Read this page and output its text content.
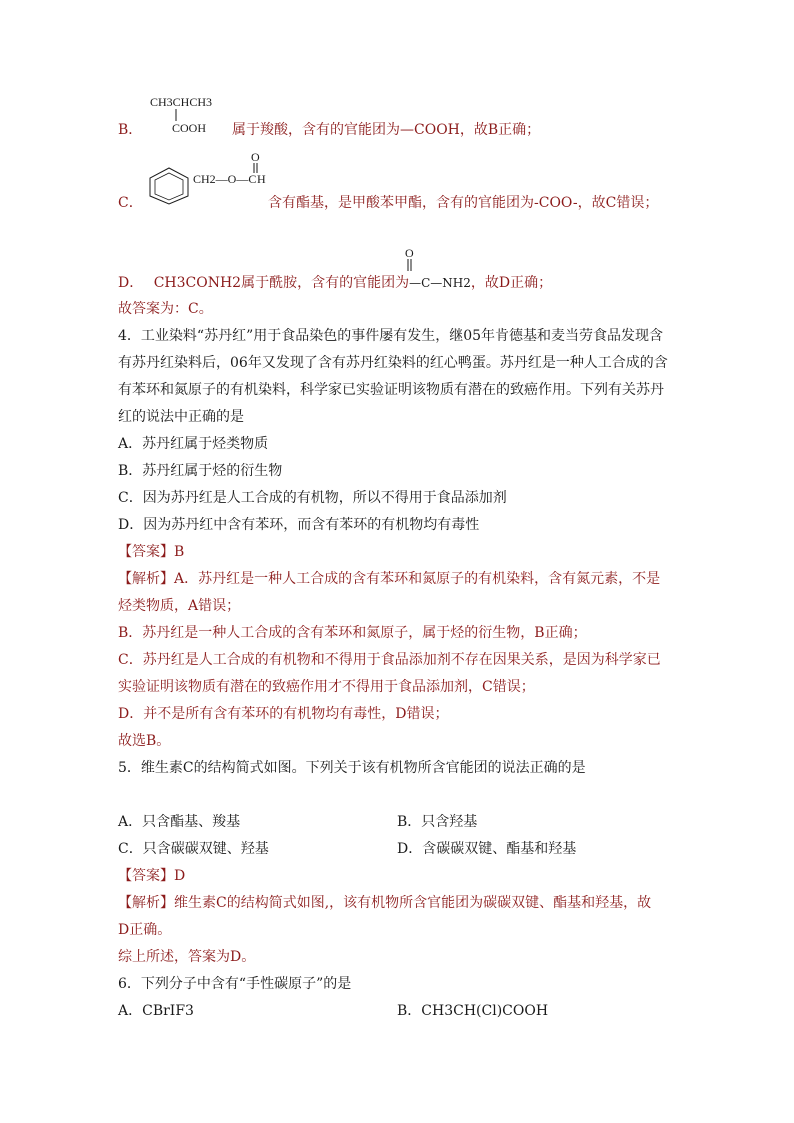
CH3CHCH3
B． COOH 属于羧酸，含有的官能团为—COOH，故B正确；
O
CH2—O—C H
C．	含有酯基，是甲酸苯甲酯，含有的官能团为-COO-，故C错误；
O
D． CH3CONH2属于酰胺，含有的官能团为—C—NH2，故D正确；
故答案为：C。
4．工业染料“苏丹红”用于食品染色的事件屡有发生，继05年肯德基和麦当劳食品发现含
有苏丹红染料后，06年又发现了含有苏丹红染料的红心鸭蛋。苏丹红是一种人工合成的含
有苯环和氮原子的有机染料，科学家已实验证明该物质有潜在的致癌作用。下列有关苏丹
红的说法中正确的是
A．苏丹红属于烃类物质
B．苏丹红属于烃的衍生物
C．因为苏丹红是人工合成的有机物，所以不得用于食品添加剂
D．因为苏丹红中含有苯环，而含有苯环的有机物均有毒性
【答案】B
【解析】A．苏丹红是一种人工合成的含有苯环和氮原子的有机染料，含有氮元素，不是
烃类物质，A错误；
B．苏丹红是一种人工合成的含有苯环和氮原子，属于烃的衍生物，B正确；
C．苏丹红是人工合成的有机物和不得用于食品添加剂不存在因果关系，是因为科学家已
实验证明该物质有潜在的致癌作用才不得用于食品添加剂，C错误；
D．并不是所有含有苯环的有机物均有毒性，D错误；
故选B。
5．维生素C的结构简式如图。下列关于该有机物所含官能团的说法正确的是
A．只含酯基、羧基	B．只含羟基
C．只含碳碳双键、羟基	D．含碳碳双键、酯基和羟基
【答案】D
【解析】维生素C的结构简式如图,，该有机物所含官能团为碳碳双键、酯基和羟基，故
D正确。
综上所述，答案为D。
6．下列分子中含有“手性碳原子”的是
A．CBrIF3	B．CH3CH(Cl)COOH
